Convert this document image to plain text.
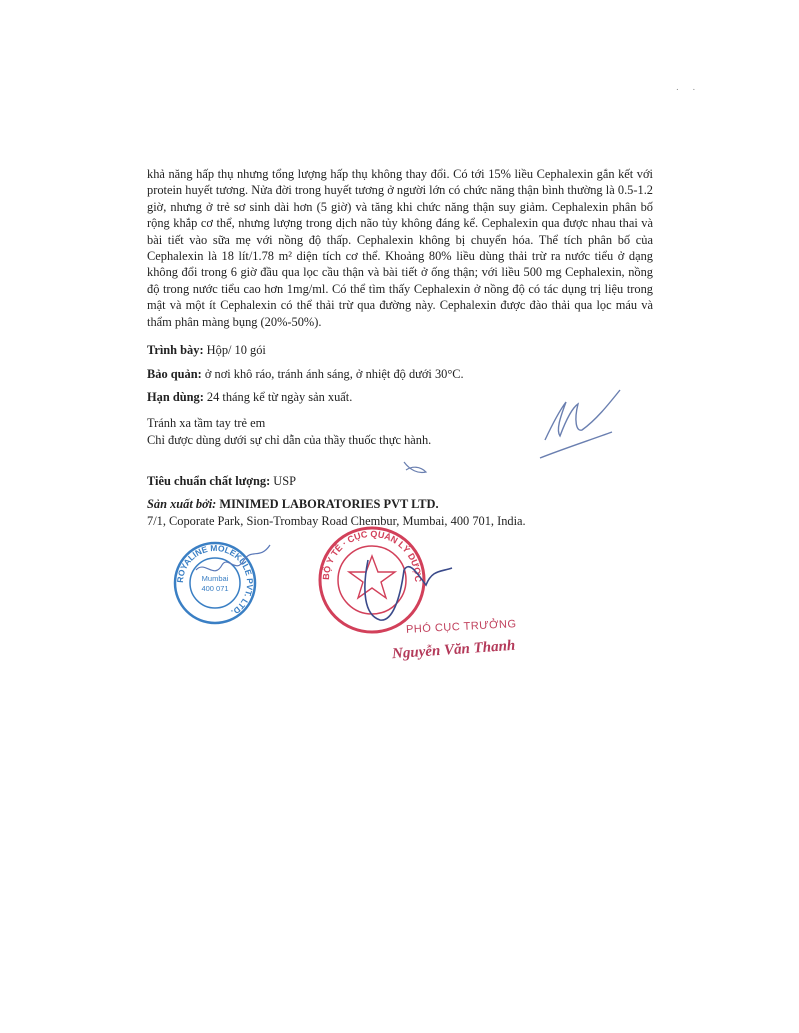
. .
khả năng hấp thụ nhưng tổng lượng hấp thụ không thay đổi. Có tới 15% liều Cephalexin gắn kết với protein huyết tương. Nửa đời trong huyết tương ở người lớn có chức năng thận bình thường là 0.5-1.2 giờ, nhưng ở trẻ sơ sinh dài hơn (5 giờ) và tăng khi chức năng thận suy giảm. Cephalexin phân bố rộng khắp cơ thể, nhưng lượng trong dịch não tủy không đáng kể. Cephalexin qua được nhau thai và bài tiết vào sữa mẹ với nồng độ thấp. Cephalexin không bị chuyển hóa. Thể tích phân bố của Cephalexin là 18 lít/1.78 m² diện tích cơ thể. Khoảng 80% liều dùng thải trừ ra nước tiểu ở dạng không đổi trong 6 giờ đầu qua lọc cầu thận và bài tiết ở ống thận; với liều 500 mg Cephalexin, nồng độ trong nước tiểu cao hơn 1mg/ml. Có thể tìm thấy Cephalexin ở nồng độ có tác dụng trị liệu trong mật và một ít Cephalexin có thể thải trừ qua đường này. Cephalexin được đào thải qua lọc máu và thẩm phân màng bụng (20%-50%).
Trình bày: Hộp/ 10 gói
Bảo quản: ở nơi khô ráo, tránh ánh sáng, ở nhiệt độ dưới 30°C.
Hạn dùng: 24 tháng kể từ ngày sản xuất.
Tránh xa tầm tay trẻ em
Chỉ được dùng dưới sự chỉ dẫn của thầy thuốc thực hành.
Tiêu chuẩn chất lượng: USP
Sản xuất bởi: MINIMED LABORATORIES PVT LTD.
7/1, Coporate Park, Sion-Trombay Road Chembur, Mumbai, 400 701, India.
ROYALINE MOLEKULE PVT. LTD.
Mumbai
400 071
BỘ Y TẾ · CỤC QUẢN LÝ DƯỢC
PHÓ CỤC TRƯỞNG
Nguyễn Văn Thanh
